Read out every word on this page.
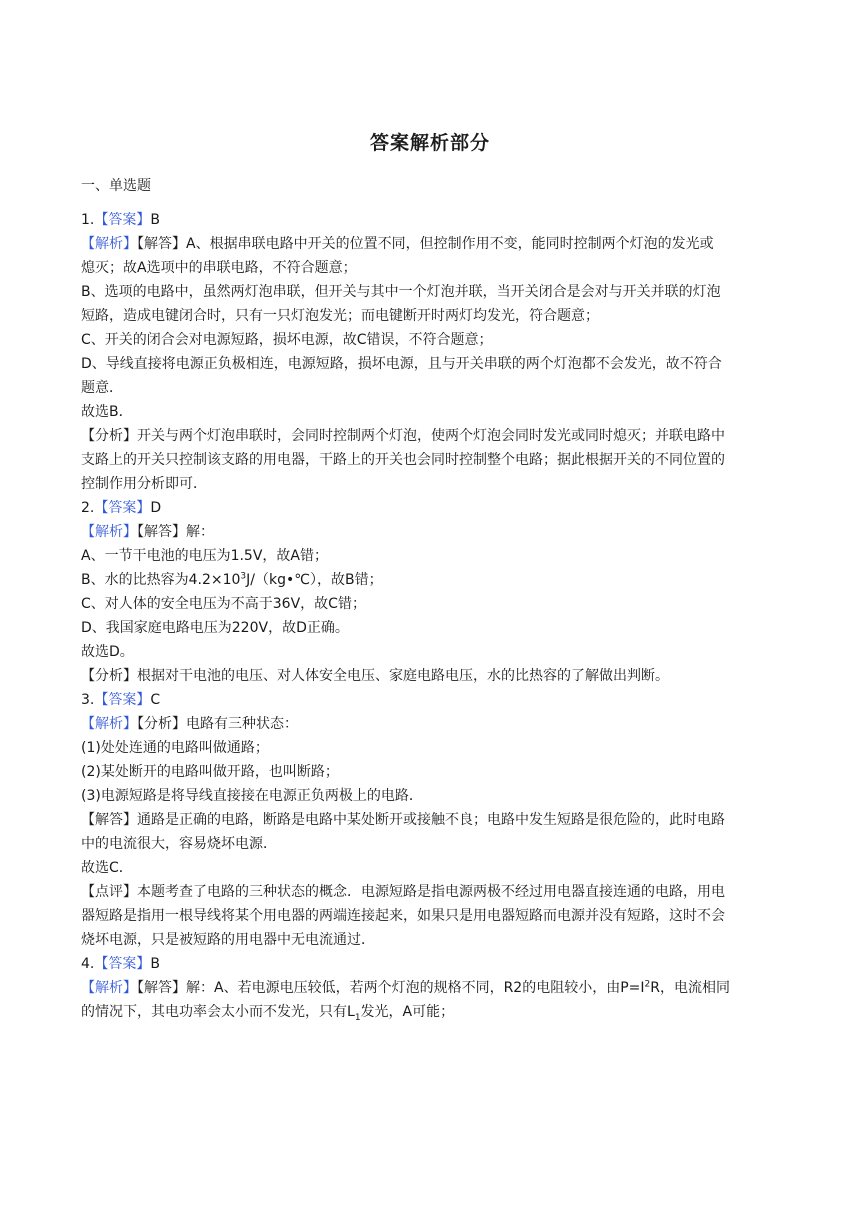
答案解析部分
一、单选题
1.【答案】B
【解析】【解答】A、根据串联电路中开关的位置不同，但控制作用不变，能同时控制两个灯泡的发光或
熄灭；故A选项中的串联电路，不符合题意；
B、选项的电路中，虽然两灯泡串联，但开关与其中一个灯泡并联，当开关闭合是会对与开关并联的灯泡
短路，造成电键闭合时，只有一只灯泡发光；而电键断开时两灯均发光，符合题意；
C、开关的闭合会对电源短路，损坏电源，故C错误，不符合题意；
D、导线直接将电源正负极相连，电源短路，损坏电源，且与开关串联的两个灯泡都不会发光，故不符合
题意．
故选B．
【分析】开关与两个灯泡串联时，会同时控制两个灯泡，使两个灯泡会同时发光或同时熄灭；并联电路中
支路上的开关只控制该支路的用电器，干路上的开关也会同时控制整个电路；据此根据开关的不同位置的
控制作用分析即可．
2.【答案】D
【解析】【解答】解：
A、一节干电池的电压为1.5V，故A错；
B、水的比热容为$4.2\times 10^3J/(kg•℃)$，故B错；
C、对人体的安全电压为不高于36V，故C错；
D、我国家庭电路电压为220V，故D正确。
故选D。
【分析】根据对干电池的电压、对人体安全电压、家庭电路电压，水的比热容的了解做出判断。
3.【答案】C
【解析】【分析】电路有三种状态：
(1)处处连通的电路叫做通路；
(2)某处断开的电路叫做开路，也叫断路；
(3)电源短路是将导线直接接在电源正负两极上的电路．
【解答】通路是正确的电路，断路是电路中某处断开或接触不良；电路中发生短路是很危险的，此时电路
中的电流很大，容易烧坏电源．
故选C．
【点评】本题考查了电路的三种状态的概念．电源短路是指电源两极不经过用电器直接连通的电路，用电
器短路是指用一根导线将某个用电器的两端连接起来，如果只是用电器短路而电源并没有短路，这时不会
烧坏电源，只是被短路的用电器中无电流通过．
4.【答案】B
【解析】【解答】解：A、若电源电压较低，若两个灯泡的规格不同，R2的电阻较小，由$P=I^2R$，电流相同
的情况下，其电功率会太小而不发光，只有$L_1$发光，A可能；
